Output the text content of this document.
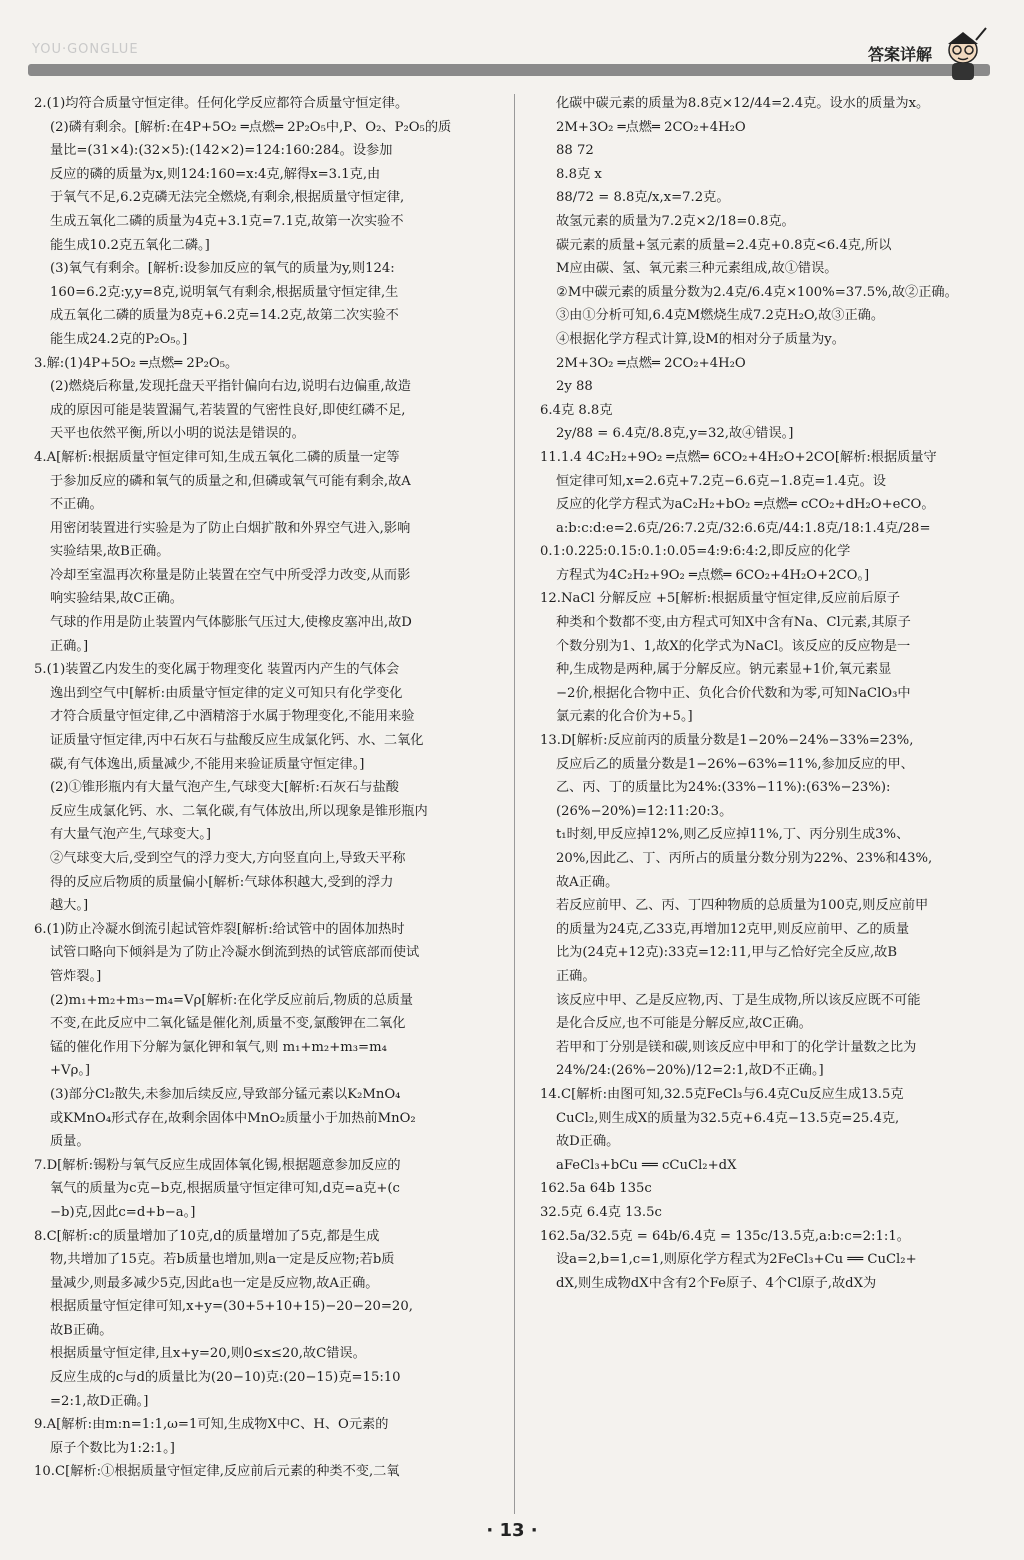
YOU·GONGLUE	答案详解
2.(1)均符合质量守恒定律。任何化学反应都符合质量守恒定律。
(2)磷有剩余。[解析:在4P+5O₂ ═点燃═ 2P₂O₅中,P、O₂、P₂O₅的质
量比=(31×4):(32×5):(142×2)=124:160:284。设参加
反应的磷的质量为x,则124:160=x:4克,解得x=3.1克,由
于氧气不足,6.2克磷无法完全燃烧,有剩余,根据质量守恒定律,
生成五氧化二磷的质量为4克+3.1克=7.1克,故第一次实验不
能生成10.2克五氧化二磷。]
(3)氧气有剩余。[解析:设参加反应的氧气的质量为y,则124:
160=6.2克:y,y=8克,说明氧气有剩余,根据质量守恒定律,生
成五氧化二磷的质量为8克+6.2克=14.2克,故第二次实验不
能生成24.2克的P₂O₅。]
3.解:(1)4P+5O₂ ═点燃═ 2P₂O₅。
(2)燃烧后称量,发现托盘天平指针偏向右边,说明右边偏重,故造
成的原因可能是装置漏气,若装置的气密性良好,即使红磷不足,
天平也依然平衡,所以小明的说法是错误的。
4.A[解析:根据质量守恒定律可知,生成五氧化二磷的质量一定等
于参加反应的磷和氧气的质量之和,但磷或氧气可能有剩余,故A
不正确。
用密闭装置进行实验是为了防止白烟扩散和外界空气进入,影响
实验结果,故B正确。
冷却至室温再次称量是防止装置在空气中所受浮力改变,从而影
响实验结果,故C正确。
气球的作用是防止装置内气体膨胀气压过大,使橡皮塞冲出,故D
正确。]
5.(1)装置乙内发生的变化属于物理变化 装置丙内产生的气体会
逸出到空气中[解析:由质量守恒定律的定义可知只有化学变化
才符合质量守恒定律,乙中酒精溶于水属于物理变化,不能用来验
证质量守恒定律,丙中石灰石与盐酸反应生成氯化钙、水、二氧化
碳,有气体逸出,质量减少,不能用来验证质量守恒定律。]
(2)①锥形瓶内有大量气泡产生,气球变大[解析:石灰石与盐酸
反应生成氯化钙、水、二氧化碳,有气体放出,所以现象是锥形瓶内
有大量气泡产生,气球变大。]
②气球变大后,受到空气的浮力变大,方向竖直向上,导致天平称
得的反应后物质的质量偏小[解析:气球体积越大,受到的浮力
越大。]
6.(1)防止冷凝水倒流引起试管炸裂[解析:给试管中的固体加热时
试管口略向下倾斜是为了防止冷凝水倒流到热的试管底部而使试
管炸裂。]
(2)m₁+m₂+m₃−m₄=Vρ[解析:在化学反应前后,物质的总质量
不变,在此反应中二氧化锰是催化剂,质量不变,氯酸钾在二氧化
锰的催化作用下分解为氯化钾和氧气,则 m₁+m₂+m₃=m₄
+Vρ。]
(3)部分Cl₂散失,未参加后续反应,导致部分锰元素以K₂MnO₄
或KMnO₄形式存在,故剩余固体中MnO₂质量小于加热前MnO₂
质量。
7.D[解析:锡粉与氧气反应生成固体氧化锡,根据题意参加反应的
氧气的质量为c克−b克,根据质量守恒定律可知,d克=a克+(c
−b)克,因此c=d+b−a。]
8.C[解析:c的质量增加了10克,d的质量增加了5克,都是生成
物,共增加了15克。若b质量也增加,则a一定是反应物;若b质
量减少,则最多减少5克,因此a也一定是反应物,故A正确。
根据质量守恒定律可知,x+y=(30+5+10+15)−20−20=20,
故B正确。
根据质量守恒定律,且x+y=20,则0≤x≤20,故C错误。
反应生成的c与d的质量比为(20−10)克:(20−15)克=15:10
=2:1,故D正确。]
9.A[解析:由m:n=1:1,ω=1可知,生成物X中C、H、O元素的
原子个数比为1:2:1。]
10.C[解析:①根据质量守恒定律,反应前后元素的种类不变,二氧
化碳中碳元素的质量为8.8克×12/44=2.4克。设水的质量为x。
2M+3O₂ ═点燃═ 2CO₂+4H₂O
88 72
8.8克 x
88/72 = 8.8克/x,x=7.2克。
故氢元素的质量为7.2克×2/18=0.8克。
碳元素的质量+氢元素的质量=2.4克+0.8克<6.4克,所以
M应由碳、氢、氧元素三种元素组成,故①错误。
②M中碳元素的质量分数为2.4克/6.4克×100%=37.5%,故②正确。
③由①分析可知,6.4克M燃烧生成7.2克H₂O,故③正确。
④根据化学方程式计算,设M的相对分子质量为y。
2M+3O₂ ═点燃═ 2CO₂+4H₂O
2y 88
6.4克 8.8克
2y/88 = 6.4克/8.8克,y=32,故④错误。]
11.1.4 4C₂H₂+9O₂ ═点燃═ 6CO₂+4H₂O+2CO[解析:根据质量守
恒定律可知,x=2.6克+7.2克−6.6克−1.8克=1.4克。设
反应的化学方程式为aC₂H₂+bO₂ ═点燃═ cCO₂+dH₂O+eCO。
a:b:c:d:e=2.6克/26:7.2克/32:6.6克/44:1.8克/18:1.4克/28=
0.1:0.225:0.15:0.1:0.05=4:9:6:4:2,即反应的化学
方程式为4C₂H₂+9O₂ ═点燃═ 6CO₂+4H₂O+2CO。]
12.NaCl 分解反应 +5[解析:根据质量守恒定律,反应前后原子
种类和个数都不变,由方程式可知X中含有Na、Cl元素,其原子
个数分别为1、1,故X的化学式为NaCl。该反应的反应物是一
种,生成物是两种,属于分解反应。钠元素显+1价,氧元素显
−2价,根据化合物中正、负化合价代数和为零,可知NaClO₃中
氯元素的化合价为+5。]
13.D[解析:反应前丙的质量分数是1−20%−24%−33%=23%,
反应后乙的质量分数是1−26%−63%=11%,参加反应的甲、
乙、丙、丁的质量比为24%:(33%−11%):(63%−23%):
(26%−20%)=12:11:20:3。
t₁时刻,甲反应掉12%,则乙反应掉11%,丁、丙分别生成3%、
20%,因此乙、丁、丙所占的质量分数分别为22%、23%和43%,
故A正确。
若反应前甲、乙、丙、丁四种物质的总质量为100克,则反应前甲
的质量为24克,乙33克,再增加12克甲,则反应前甲、乙的质量
比为(24克+12克):33克=12:11,甲与乙恰好完全反应,故B
正确。
该反应中甲、乙是反应物,丙、丁是生成物,所以该反应既不可能
是化合反应,也不可能是分解反应,故C正确。
若甲和丁分别是镁和碳,则该反应中甲和丁的化学计量数之比为
24%/24:(26%−20%)/12=2:1,故D不正确。]
14.C[解析:由图可知,32.5克FeCl₃与6.4克Cu反应生成13.5克
CuCl₂,则生成X的质量为32.5克+6.4克−13.5克=25.4克,
故D正确。
aFeCl₃+bCu ══ cCuCl₂+dX
162.5a 64b 135c
32.5克 6.4克 13.5c
162.5a/32.5克 = 64b/6.4克 = 135c/13.5克,a:b:c=2:1:1。
设a=2,b=1,c=1,则原化学方程式为2FeCl₃+Cu ══ CuCl₂+
dX,则生成物dX中含有2个Fe原子、4个Cl原子,故dX为
· 13 ·
